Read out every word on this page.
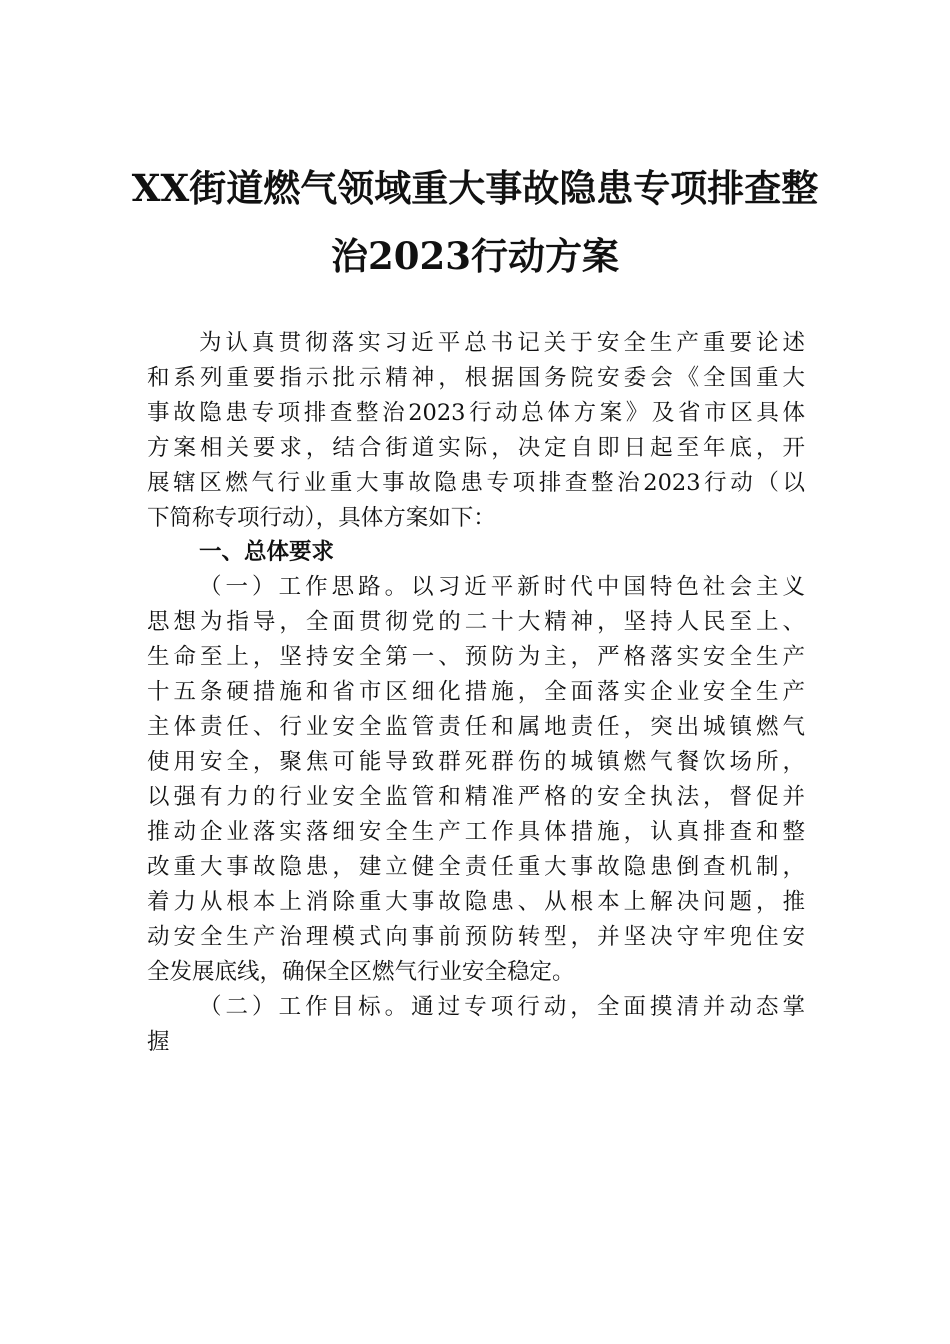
XX街道燃气领域重大事故隐患专项排查整
治2023行动方案
为认真贯彻落实习近平总书记关于安全生产重要论述
和系列重要指示批示精神，根据国务院安委会《全国重大
事故隐患专项排查整治2023行动总体方案》及省市区具体
方案相关要求，结合街道实际，决定自即日起至年底，开
展辖区燃气行业重大事故隐患专项排查整治2023行动（以
下简称专项行动），具体方案如下：
一、总体要求
（一）工作思路。以习近平新时代中国特色社会主义
思想为指导，全面贯彻党的二十大精神，坚持人民至上、
生命至上，坚持安全第一、预防为主，严格落实安全生产
十五条硬措施和省市区细化措施，全面落实企业安全生产
主体责任、行业安全监管责任和属地责任，突出城镇燃气
使用安全，聚焦可能导致群死群伤的城镇燃气餐饮场所，
以强有力的行业安全监管和精准严格的安全执法，督促并
推动企业落实落细安全生产工作具体措施，认真排查和整
改重大事故隐患，建立健全责任重大事故隐患倒查机制，
着力从根本上消除重大事故隐患、从根本上解决问题，推
动安全生产治理模式向事前预防转型，并坚决守牢兜住安
全发展底线，确保全区燃气行业安全稳定。
（二）工作目标。通过专项行动，全面摸清并动态掌
握
